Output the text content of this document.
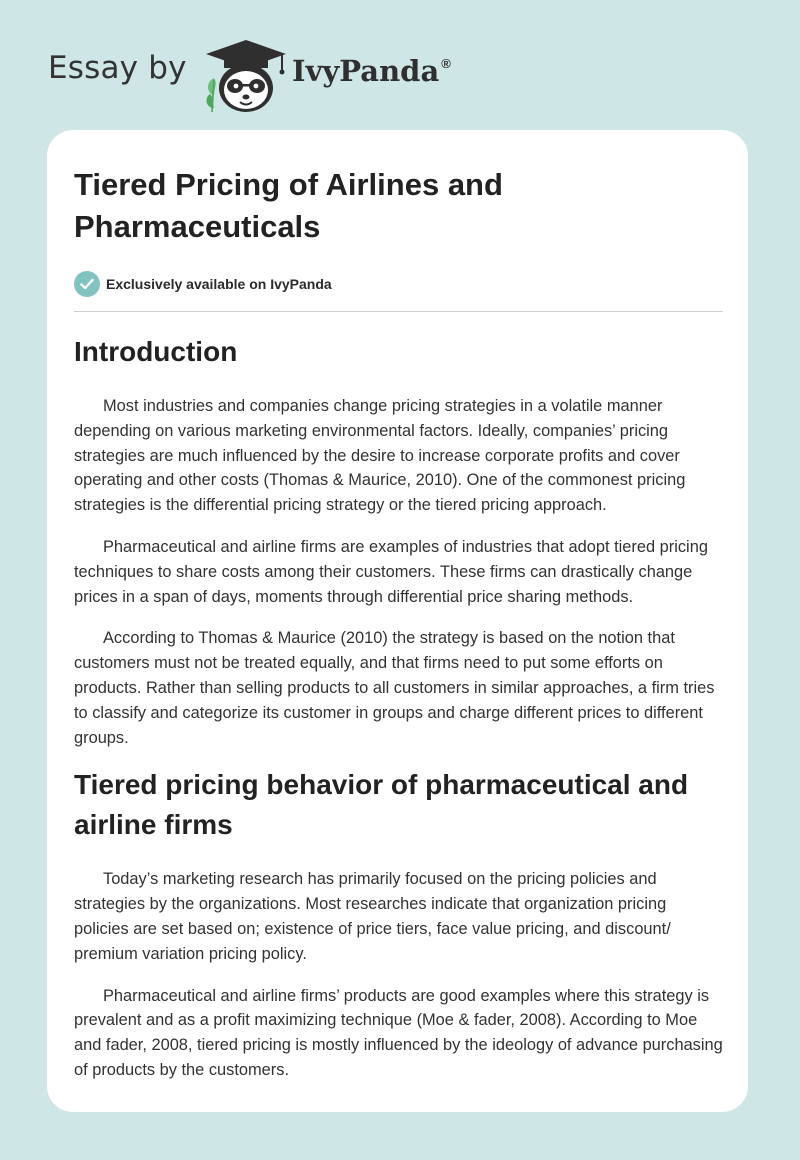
Essay by	IvyPanda ®
Tiered Pricing of Airlines and Pharmaceuticals
Exclusively available on IvyPanda
Introduction

Most industries and companies change pricing strategies in a volatile manner depending on various marketing environmental factors. Ideally, companies’ pricing strategies are much influenced by the desire to increase corporate profits and cover operating and other costs (Thomas & Maurice, 2010). One of the commonest pricing strategies is the differential pricing strategy or the tiered pricing approach.

Pharmaceutical and airline firms are examples of industries that adopt tiered pricing techniques to share costs among their customers. These firms can drastically change prices in a span of days, moments through differential price sharing methods.

According to Thomas & Maurice (2010) the strategy is based on the notion that customers must not be treated equally, and that firms need to put some efforts on products. Rather than selling products to all customers in similar approaches, a firm tries to classify and categorize its customer in groups and charge different prices to different groups.

Tiered pricing behavior of pharmaceutical and airline firms

Today’s marketing research has primarily focused on the pricing policies and strategies by the organizations. Most researches indicate that organization pricing policies are set based on; existence of price tiers, face value pricing, and discount/ premium variation pricing policy.

Pharmaceutical and airline firms’ products are good examples where this strategy is prevalent and as a profit maximizing technique (Moe & fader, 2008). According to Moe and fader, 2008, tiered pricing is mostly influenced by the ideology of advance purchasing of products by the customers.
